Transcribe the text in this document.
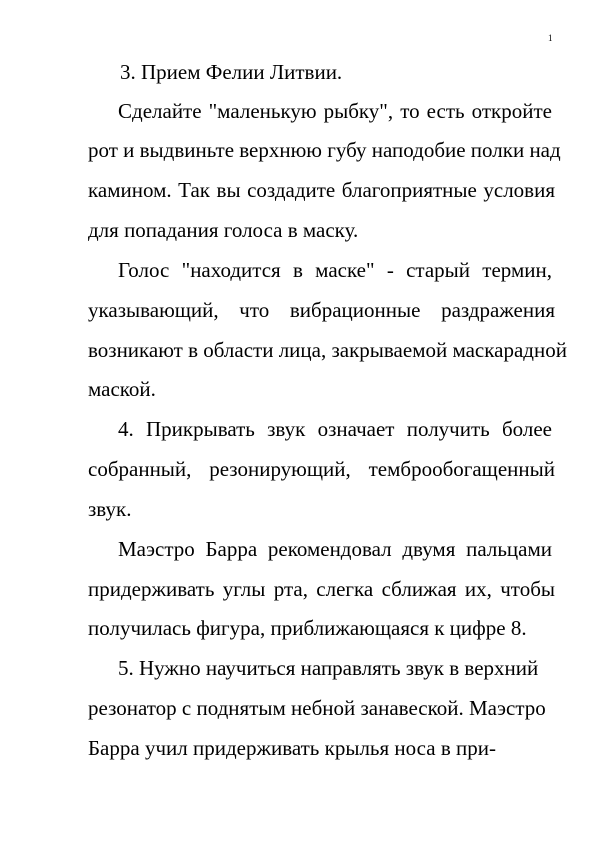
1
3. Прием Фелии Литвии.
Сделайте "маленькую рыбку", то есть откройте
рот и выдвиньте верхнюю губу наподобие полки над
камином. Так вы создадите благоприятные условия
для попадания голоса в маску.
Голос "находится в маске" - старый термин,
указывающий, что вибрационные раздражения
возникают в области лица, закрываемой маскарадной
маской.
4. Прикрывать звук означает получить более
собранный, резонирующий, темброобогащенный
звук.
Маэстро Барра рекомендовал двумя пальцами
придерживать углы рта, слегка сближая их, чтобы
получилась фигура, приближающаяся к цифре 8.
5. Нужно научиться направлять звук в верхний
резонатор с поднятым небной занавеской. Маэстро
Барра учил придерживать крылья носа в при-
